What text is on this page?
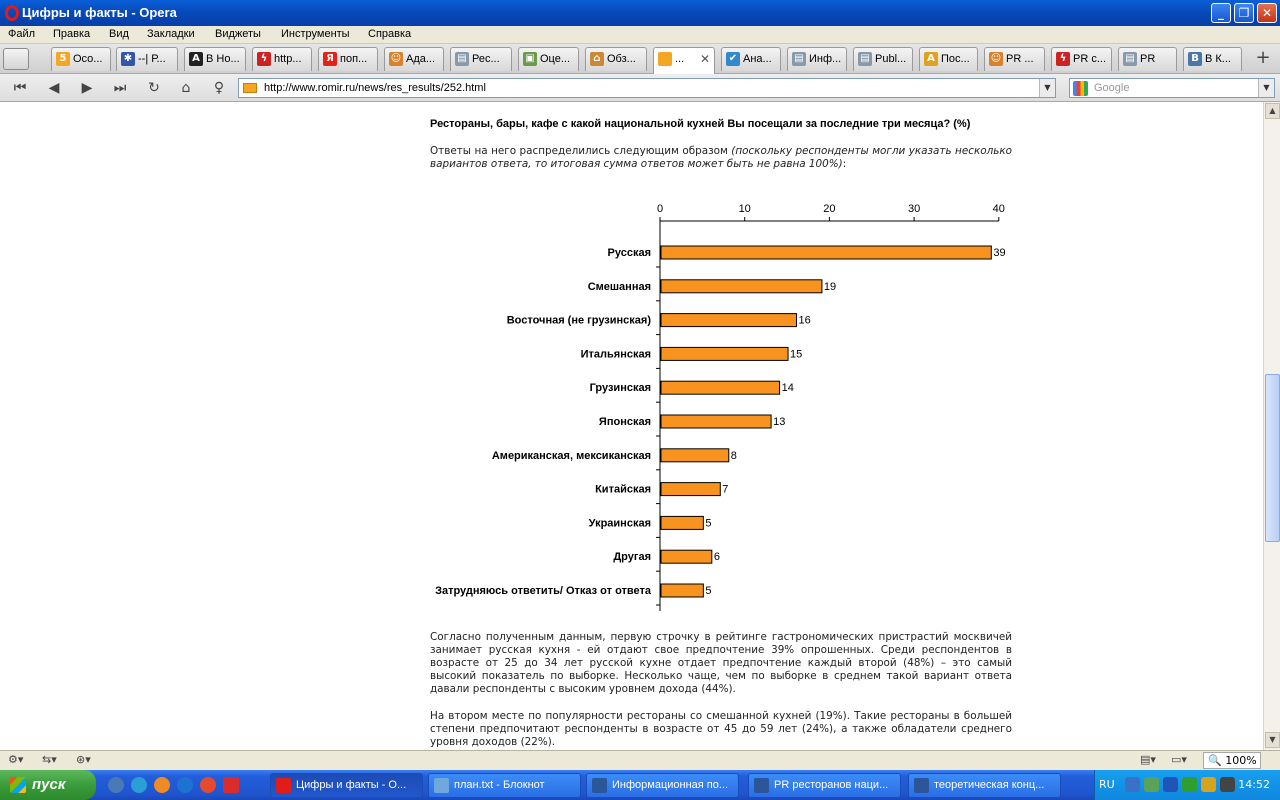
Цифры и факты - Opera	_	❐	✕
Файл Правка Вид Закладки Виджеты Инструменты Справка
5 Осо... ✱ --| Р...	A В Но...	ϟ http...	Я поп... ☺ Ада... ▤ Рес...	▣ Оце...	⌂ Обз...	... ✕ ✔ Ана... ▤ Инф... ▤ Publ...	A Пос... ☺ PR ...	ϟ PR с... ▤ PR	B В К... +
⏮	◀	▶	⏭	↻	⌂	♀	http://www.romir.ru/news/res_results/252.html	▼	Google	▼
Рестораны, бары, кафе с какой национальной кухней Вы посещали за последние три месяца? (%)
Ответы на него распределились следующим образом (поскольку респонденты могли указать несколько вариантов ответа, то итоговая сумма ответов может быть не равна 100%):
0	10	20	30	40
Русская	39
Смешанная	19
Восточная (не грузинская)	16
Итальянская	15
Грузинская	14
Японская	13
Американская, мексиканская	8
Китайская	7
Украинская	5
Другая	6
Затрудняюсь ответить/ Отказ от ответа	5
Согласно полученным данным, первую строчку в рейтинге гастрономических пристрастий москвичей занимает русская кухня - ей отдают свое предпочтение 39% опрошенных. Среди респондентов в возрасте от 25 до 34 лет русской кухне отдает предпочтение каждый второй (48%) – это самый высокий показатель по выборке. Несколько чаще, чем по выборке в среднем такой вариант ответа давали респонденты с высоким уровнем дохода (44%).
На втором месте по популярности рестораны со смешанной кухней (19%). Такие рестораны в большей степени предпочитают респонденты в возрасте от 45 до 59 лет (24%), а также обладатели среднего уровня доходов (22%).
▲
▼
⚙▾ ⇆▾ ⊛▾	▤▾ ▭▾	🔍 100%
пуск	Цифры и факты - О...	план.txt - Блокнот	Информационная по...	PR ресторанов наци...	теоретическая конц...	RU	14:52
